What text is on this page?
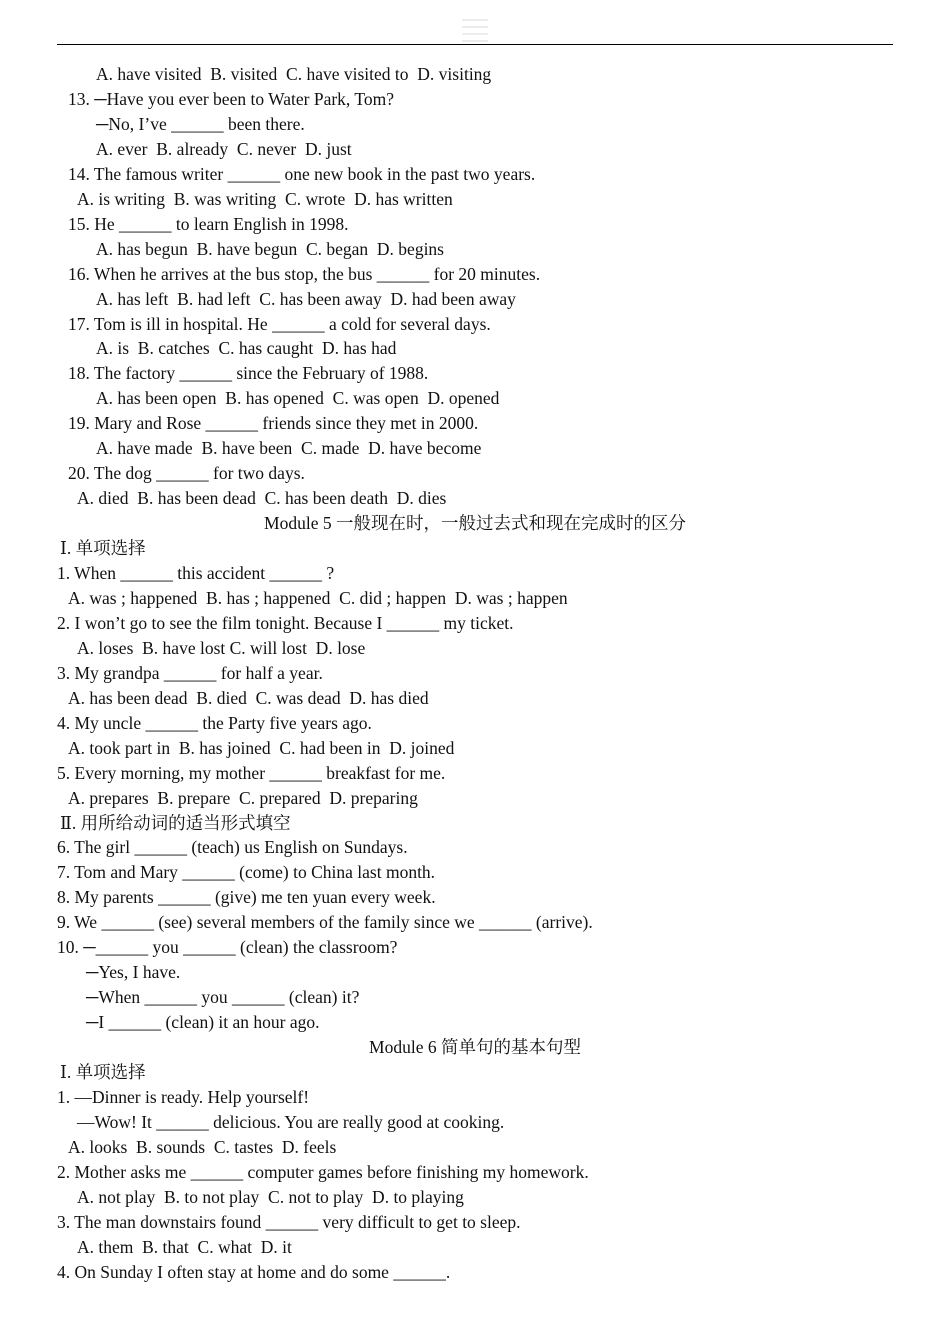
A. have visited  B. visited  C. have visited to  D. visiting
13. ─Have you ever been to Water Park, Tom?
─No, I’ve ______ been there.
A. ever  B. already  C. never  D. just
14. The famous writer ______ one new book in the past two years.
A. is writing  B. was writing  C. wrote  D. has written
15. He ______ to learn English in 1998.
A. has begun  B. have begun  C. began  D. begins
16. When he arrives at the bus stop, the bus ______ for 20 minutes.
A. has left  B. had left  C. has been away  D. had been away
17. Tom is ill in hospital. He ______ a cold for several days.
A. is  B. catches  C. has caught  D. has had
18. The factory ______ since the February of 1988.
A. has been open  B. has opened  C. was open  D. opened
19. Mary and Rose ______ friends since they met in 2000.
A. have made  B. have been  C. made  D. have become
20. The dog ______ for two days.
A. died  B. has been dead  C. has been death  D. dies
Module 5 一般现在时，一般过去式和现在完成时的区分
Ⅰ. 单项选择
1. When ______ this accident ______ ?
A. was ; happened  B. has ; happened  C. did ; happen  D. was ; happen
2. I won’t go to see the film tonight. Because I ______ my ticket.
A. loses  B. have lost C. will lost  D. lose
3. My grandpa ______ for half a year.
A. has been dead  B. died  C. was dead  D. has died
4. My uncle ______ the Party five years ago.
A. took part in  B. has joined  C. had been in  D. joined
5. Every morning, my mother ______ breakfast for me.
A. prepares  B. prepare  C. prepared  D. preparing
Ⅱ. 用所给动词的适当形式填空
6. The girl ______ (teach) us English on Sundays.
7. Tom and Mary ______ (come) to China last month.
8. My parents ______ (give) me ten yuan every week.
9. We ______ (see) several members of the family since we ______ (arrive).
10. ─______ you ______ (clean) the classroom?
─Yes, I have.
─When ______ you ______ (clean) it?
─I ______ (clean) it an hour ago.
Module 6 简单句的基本句型
Ⅰ. 单项选择
1. —Dinner is ready. Help yourself!
—Wow! It ______ delicious. You are really good at cooking.
A. looks  B. sounds  C. tastes  D. feels
2. Mother asks me ______ computer games before finishing my homework.
A. not play  B. to not play  C. not to play  D. to playing
3. The man downstairs found ______ very difficult to get to sleep.
A. them  B. that  C. what  D. it
4. On Sunday I often stay at home and do some ______.
